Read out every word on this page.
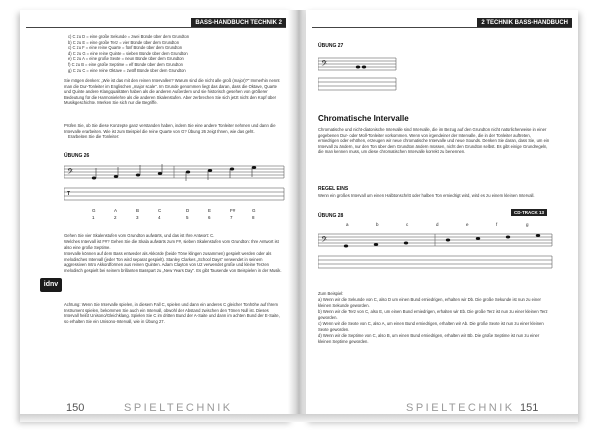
BASS-HANDBUCH TECHNIK 2
c) C zu D = eine große Sekunde = zwei Bünde über dem Grundton
b) C zu E = eine große Terz = vier Bünde über dem Grundton
c) C zu F = eine reine Quarte = fünf Bünde über dem Grundton
d) C zu G = eine reine Quinte = sieben Bünde über dem Grundton
e) C zu A = eine große Sexte = neun Bünde über dem Grundton
f) C zu B = eine große Septime = elf Bünde über dem Grundton
g) C zu C = eine reine Oktave = zwölf Bünde über dem Grundton
Sie mögen denken: „Wie ist das mit den reinen Intervallen? Warum sind die nicht alle groß (major)?“ Immerhin nennt man die Dur-Tonleiter im Englischen „major scale“. Im Grunde genommen liegt das daran, dass die Oktave, Quarte und Quinte andere Klangqualitäten haben als die anderen Außerdem und sie historisch gesehen von größerer Bedeutung für die Harmonielehre als die anderen Skalenstufen. Aber zerbrechen Sie sich jetzt nicht den Kopf über Musikgeschichte. Merken Sie sich nur die Begriffe.
Prüfen Sie, ob Sie diese Konzepte ganz verstanden haben, indem Sie eine andere Tonleiter nehmen und dann die Intervalle erarbeiten. Wie ist zum Beispiel die reine Quarte von G? Übung 26 zeigt Ihnen, wie das geht.
Erarbeiten Sie die Tonleiter:
ÜBUNG 26
𝄢
T
G	A	B	C	D	E	F#	G
1	2	3	4	5	6	7	8
Gehen Sie vier Skalenstufen vom Grundton aufwärts, und das ist Ihre Antwort: C.
Welches Intervall ist F#? Gehen Sie die Skala aufwärts zum F#, sieben Skalenstufen vom Grundton: Ihre Antwort ist also eine große Septime.
Intervalle können auf dem Bass entweder als Akkorde (beide Töne klingen zusammen) gespielt werden oder als melodisches Intervall (jeder Ton wird separat gespielt). Stanley Clarkes „School Days“ verwendet in seinem aggressiven Intro Akkordformen aus reinen Quinten. Adam Clayton von U2 verwendet große und kleine Terzen melodisch gespielt bei seinem brillanten Basspart zu „New Years Day“. Es gibt Tausende von Beispielen in der Musik.
Achtung: Wenn Sie Intervalle spielen, in diesem Fall C, spielen und dann ein anderes C gleicher Tonhöhe auf Ihrem Instrument spielen, bekommen Sie auch ein Intervall, obwohl der Abstand zwischen den Tönen Null ist. Dieses Intervall heißt Unisono/Gleichklang. Spielen Sie C im dritten Bund der A-Saite und dann im achten Bund der E-Saite, so erhalten Sie ein Unisono-Intervall, wie in Übung 27.
idnv
150	SPIELTECHNIK
2 TECHNIK BASS-HANDBUCH
ÜBUNG 27
𝄢
Chromatische Intervalle
Chromatische und nicht-diatonische Intervalle sind Intervalle, die im Bezug auf den Grundton nicht natürlicherweise in einer gegebenen Dur- oder Moll-Tonleiter vorkommen. Wenn von irgendeiner der Intervalle, die in der Tonleiter auftreten, erniedrigen oder erhöhen, erzeugen wir neue chromatische Intervalle und neue Sounds. Denken Sie daran, dass Sie, um ein Intervall zu ändern, nur den Ton über dem Grundton ändern müssen, nicht den Grundton selbst. Es gibt einige Grundregeln, die man kennen muss, um diese chromatischen Intervalle korrekt zu benennen.
REGEL EINS
Wenn ein großes Intervall um einen Halbtonschritt oder halben Ton erniedrigt wird, wird es zu einem kleinen Intervall.
CD-TRACK 13
ÜBUNG 28
a	b	c	d	e	f	g
𝄢
Zum Beispiel:
a) Wenn wir die Sekunde von C, also D um einen Bund erniedrigen, erhalten wir Db. Die große Sekunde ist nun zu einer kleinen Sekunde geworden.
b) Wenn wir die Terz von C, also E, um einen Bund erniedrigen, erhalten wir Eb. Die große Terz ist nun zu einer kleinen Terz geworden.
c) Wenn wir die Sexte von C, also A, um einen Bund erniedrigen, erhalten wir Ab. Die große Sexte ist nun zu einer kleinen Sexte geworden.
d) Wenn wir die Septime von C, also B, um einen Bund erniedrigen, erhalten wir Bb. Die große Septime ist nun zu einer kleinen Septime geworden.
SPIELTECHNIK 151
